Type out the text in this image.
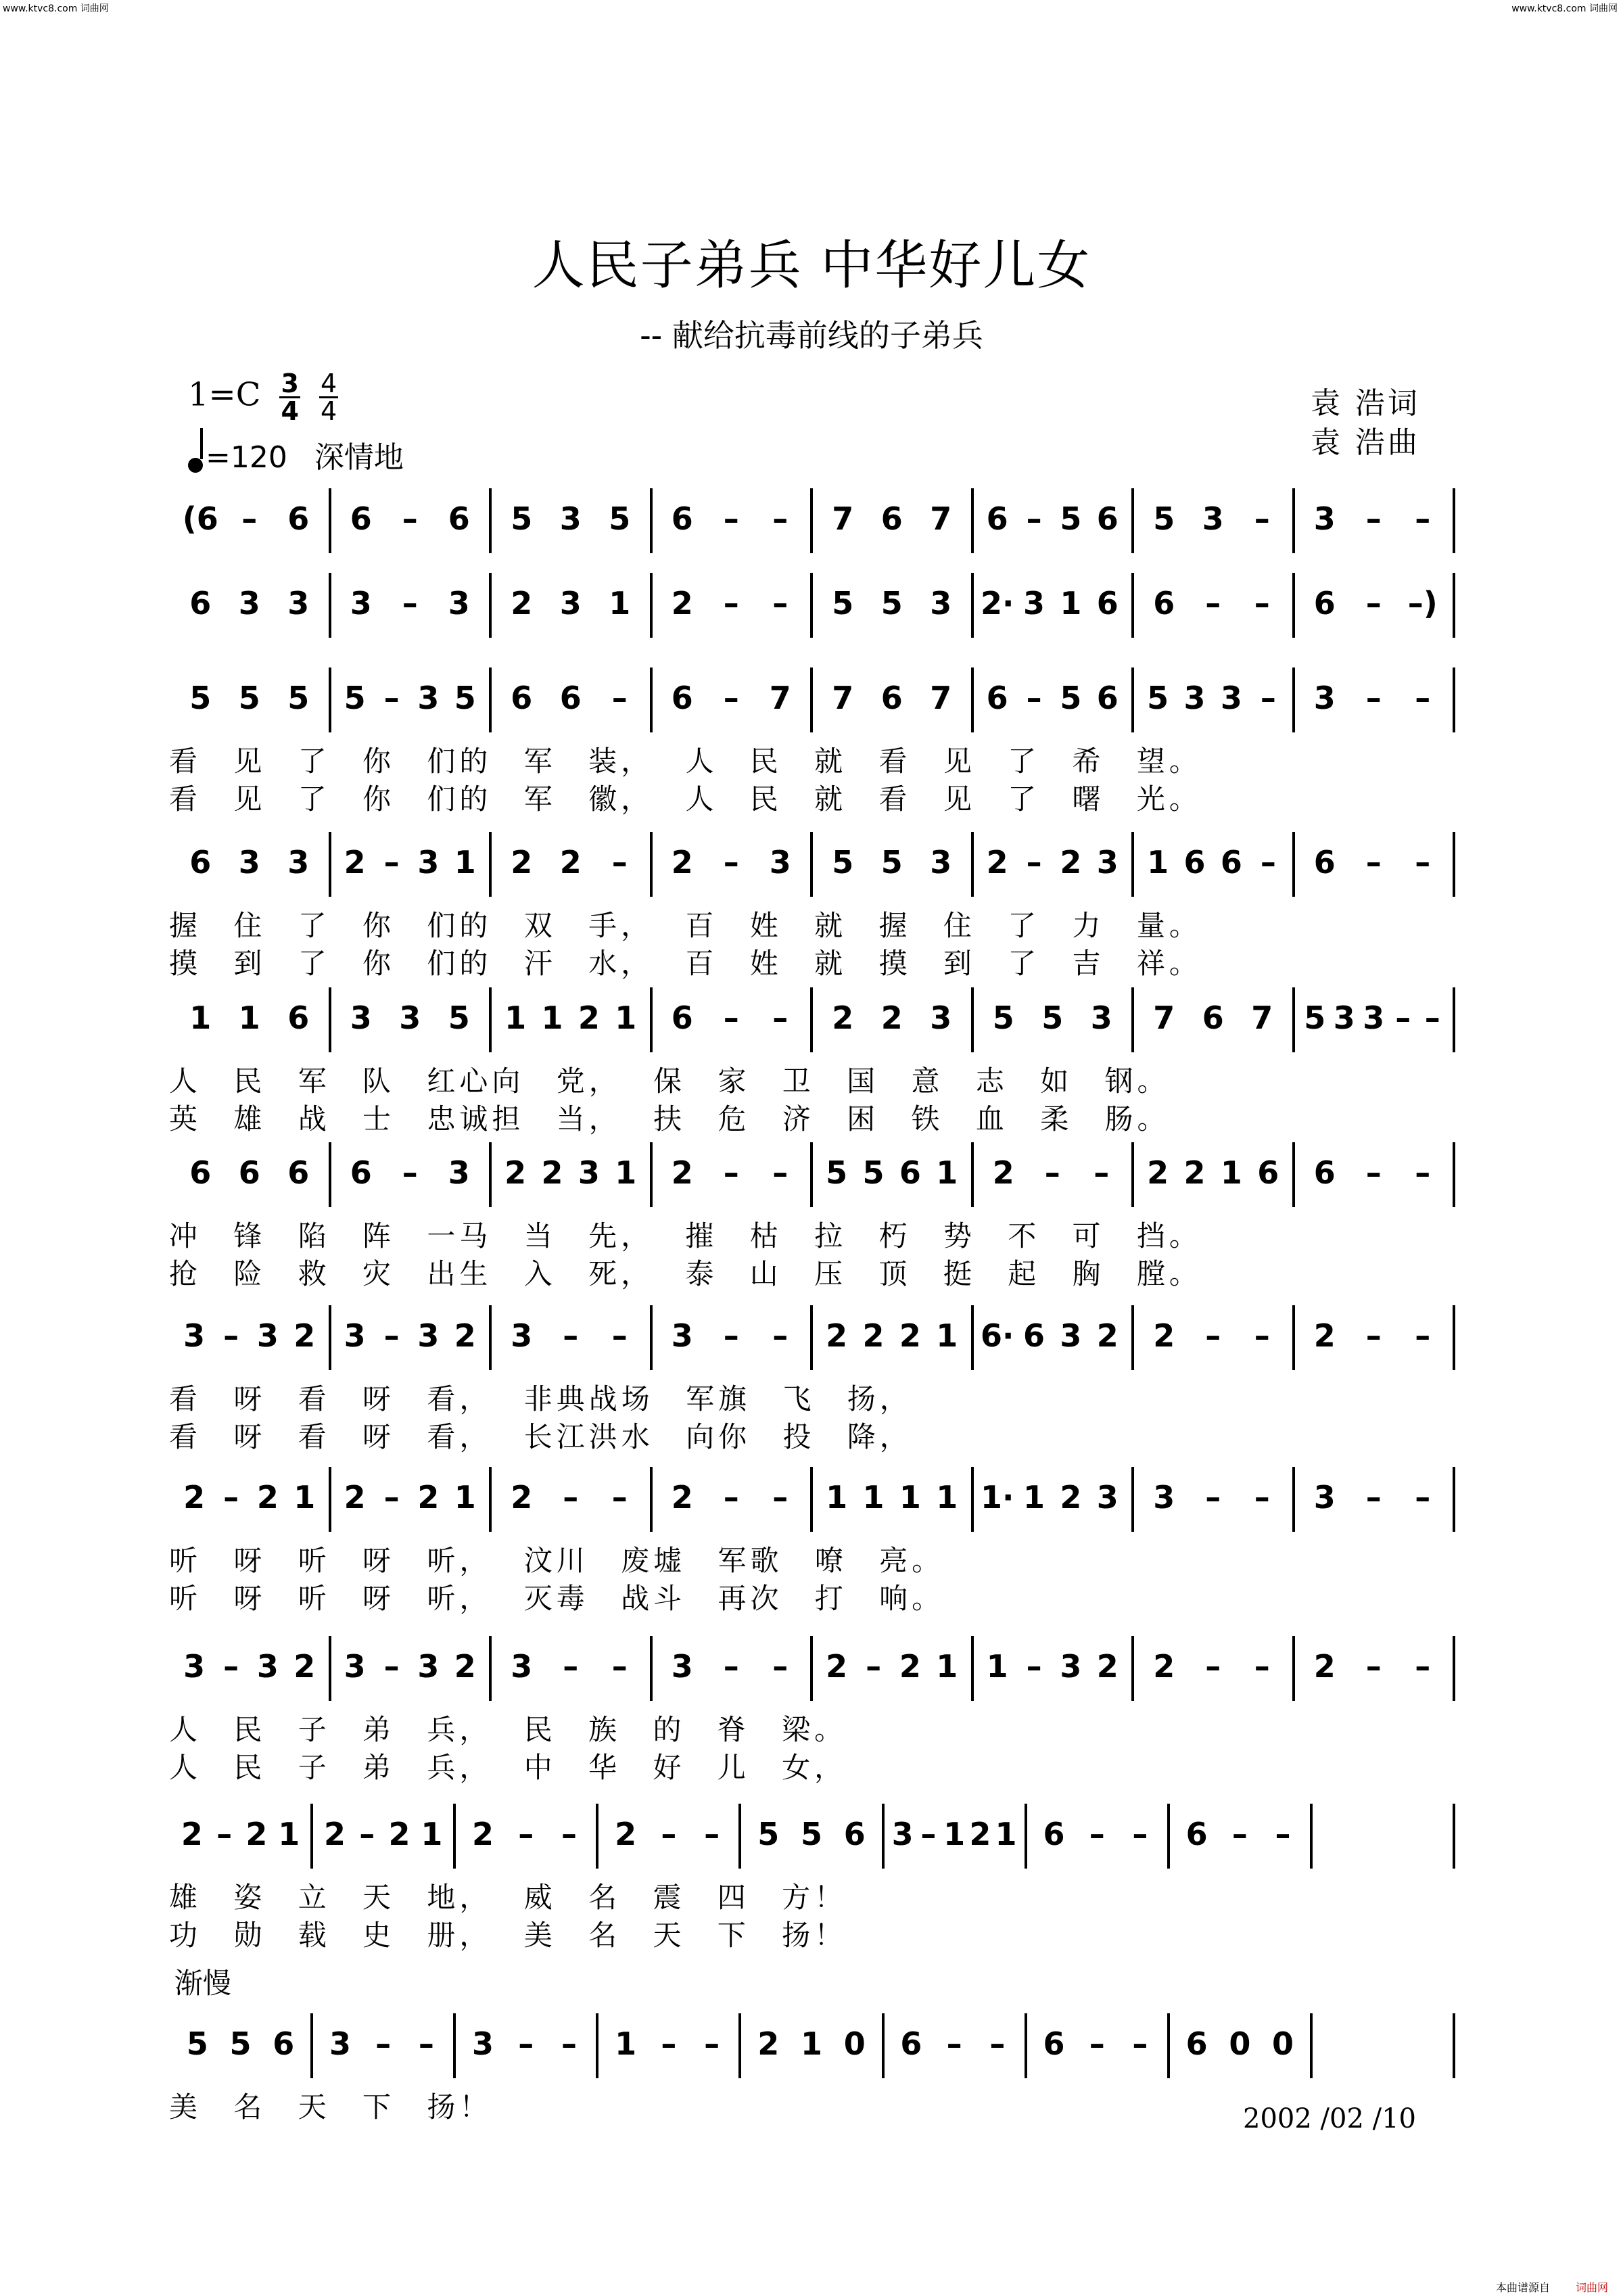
www.ktvc8.com 词曲网	www.ktvc8.com 词曲网
人民子弟兵 中华好儿女
-- 献给抗毒前线的子弟兵
$1=C \frac{3}{4}$
$\frac{4}{4}$
=120 深情地
袁 浩词
袁 浩曲
(6 – 6	6 – 6	5 3 5	6 –	–	7 6 7	6 – 5 6	5 3 –	3 –	–
6 3 3	3 – 3	2 3 1	2 –	–	5 5 3 2· 3 1 6	6 –	–	6 – –)
5 5 5	5 – 3 5	6 6 –	6 – 7	7 6 7	6 – 5 6 5 3 3 –	3 –	–
看 见 了 你 们的 军 装， 人 民 就 看 见 了 希 望。
看 见 了 你 们的 军 徽， 人 民 就 看 见 了 曙 光。
6 3 3	2 – 3 1	2 2 –	2 – 3	5 5 3	2 – 2 3 1 6 6 –	6 –	–
握 住 了 你 们的 双 手， 百 姓 就 握 住 了 力 量。
摸 到 了 你 们的 汗 水， 百 姓 就 摸 到 了 吉 祥。
1 1 6	3 3 5	1 1 2 1	6 –	–	2 2 3	5 5 3	7 6 7 5 3 3 – –
人 民 军 队 红心向 党， 保 家 卫 国 意 志 如 钢。
英 雄 战 士 忠诚担 当， 扶 危 济 困 铁 血 柔 肠。
6 6 6	6 – 3	2 2 3 1	2 –	–	5 5 6 1	2 –	–	2 2 1 6	6 –	–
冲 锋 陷 阵 一马 当 先， 摧 枯 拉 朽 势 不 可 挡。
抢 险 救 灾 出生 入 死， 泰 山 压 顶 挺 起 胸 膛。
3 – 3 2 3 – 3 2	3 –	–	3 –	–	2 2 2 1 6· 6 3 2	2 –	–	2 –	–
看 呀 看 呀 看， 非典战场 军旗 飞 扬，
看 呀 看 呀 看， 长江洪水 向你 投 降，
2 – 2 1 2 – 2 1	2 –	–	2 –	–	1 1 1 1 1· 1 2 3	3 –	–	3 –	–
听 呀 听 呀 听， 汶川 废墟 军歌 嘹 亮。
听 呀 听 呀 听， 灭毒 战斗 再次 打 响。
3 – 3 2 3 – 3 2	3 –	–	3 –	–	2 – 2 1 1 – 3 2	2 –	–	2 –	–
人 民 子 弟 兵， 民 族 的 脊 梁。
人 民 子 弟 兵， 中 华 好 儿 女，
2 – 2 1 2 – 2 1 2 – –	2 – –	5 5 6 3 – 1 2 1 6 – –	6 – –
雄 姿 立 天 地， 威 名 震 四 方！
功 勋 载 史 册， 美 名 天 下 扬！
5 5 6	3 – –	3 – –	1 – –	2 1 0	6 – –	6 – –	6 0 0
美 名 天 下 扬！
渐慢
2002 /02 /10
本曲谱源自 词曲网
